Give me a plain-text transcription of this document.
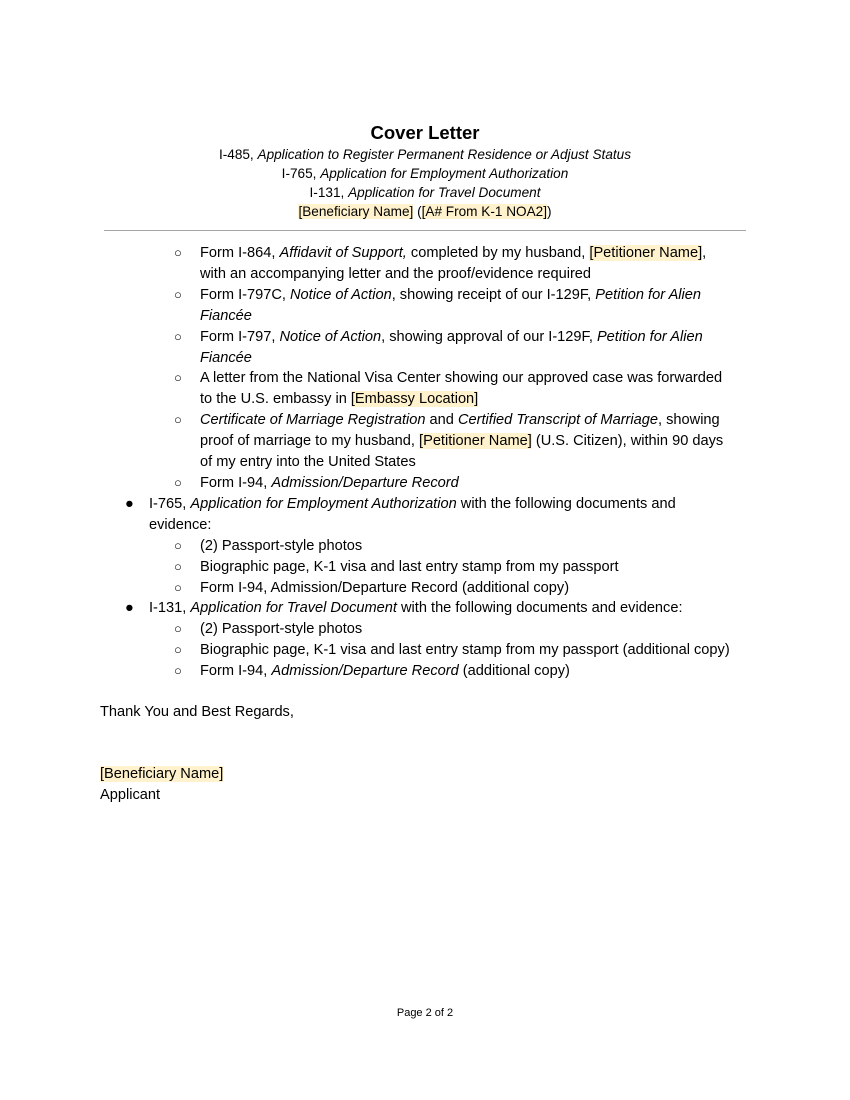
Cover Letter
I-485, Application to Register Permanent Residence or Adjust Status
I-765, Application for Employment Authorization
I-131, Application for Travel Document
[Beneficiary Name] ([A# From K-1 NOA2])
○ Form I-864, Affidavit of Support, completed by my husband, [Petitioner Name],
with an accompanying letter and the proof/evidence required
○ Form I-797C, Notice of Action, showing receipt of our I-129F, Petition for Alien
Fiancée
○ Form I-797, Notice of Action, showing approval of our I-129F, Petition for Alien
Fiancée
○ A letter from the National Visa Center showing our approved case was forwarded
to the U.S. embassy in [Embassy Location]
○ Certificate of Marriage Registration and Certified Transcript of Marriage, showing
proof of marriage to my husband, [Petitioner Name] (U.S. Citizen), within 90 days
of my entry into the United States
○ Form I-94, Admission/Departure Record
● I-765, Application for Employment Authorization with the following documents and
evidence:
○ (2) Passport-style photos
○ Biographic page, K-1 visa and last entry stamp from my passport
○ Form I-94, Admission/Departure Record (additional copy)
● I-131, Application for Travel Document with the following documents and evidence:
○ (2) Passport-style photos
○ Biographic page, K-1 visa and last entry stamp from my passport (additional copy)
○ Form I-94, Admission/Departure Record (additional copy)
Thank You and Best Regards,
[Beneficiary Name]
Applicant
Page 2 of 2
